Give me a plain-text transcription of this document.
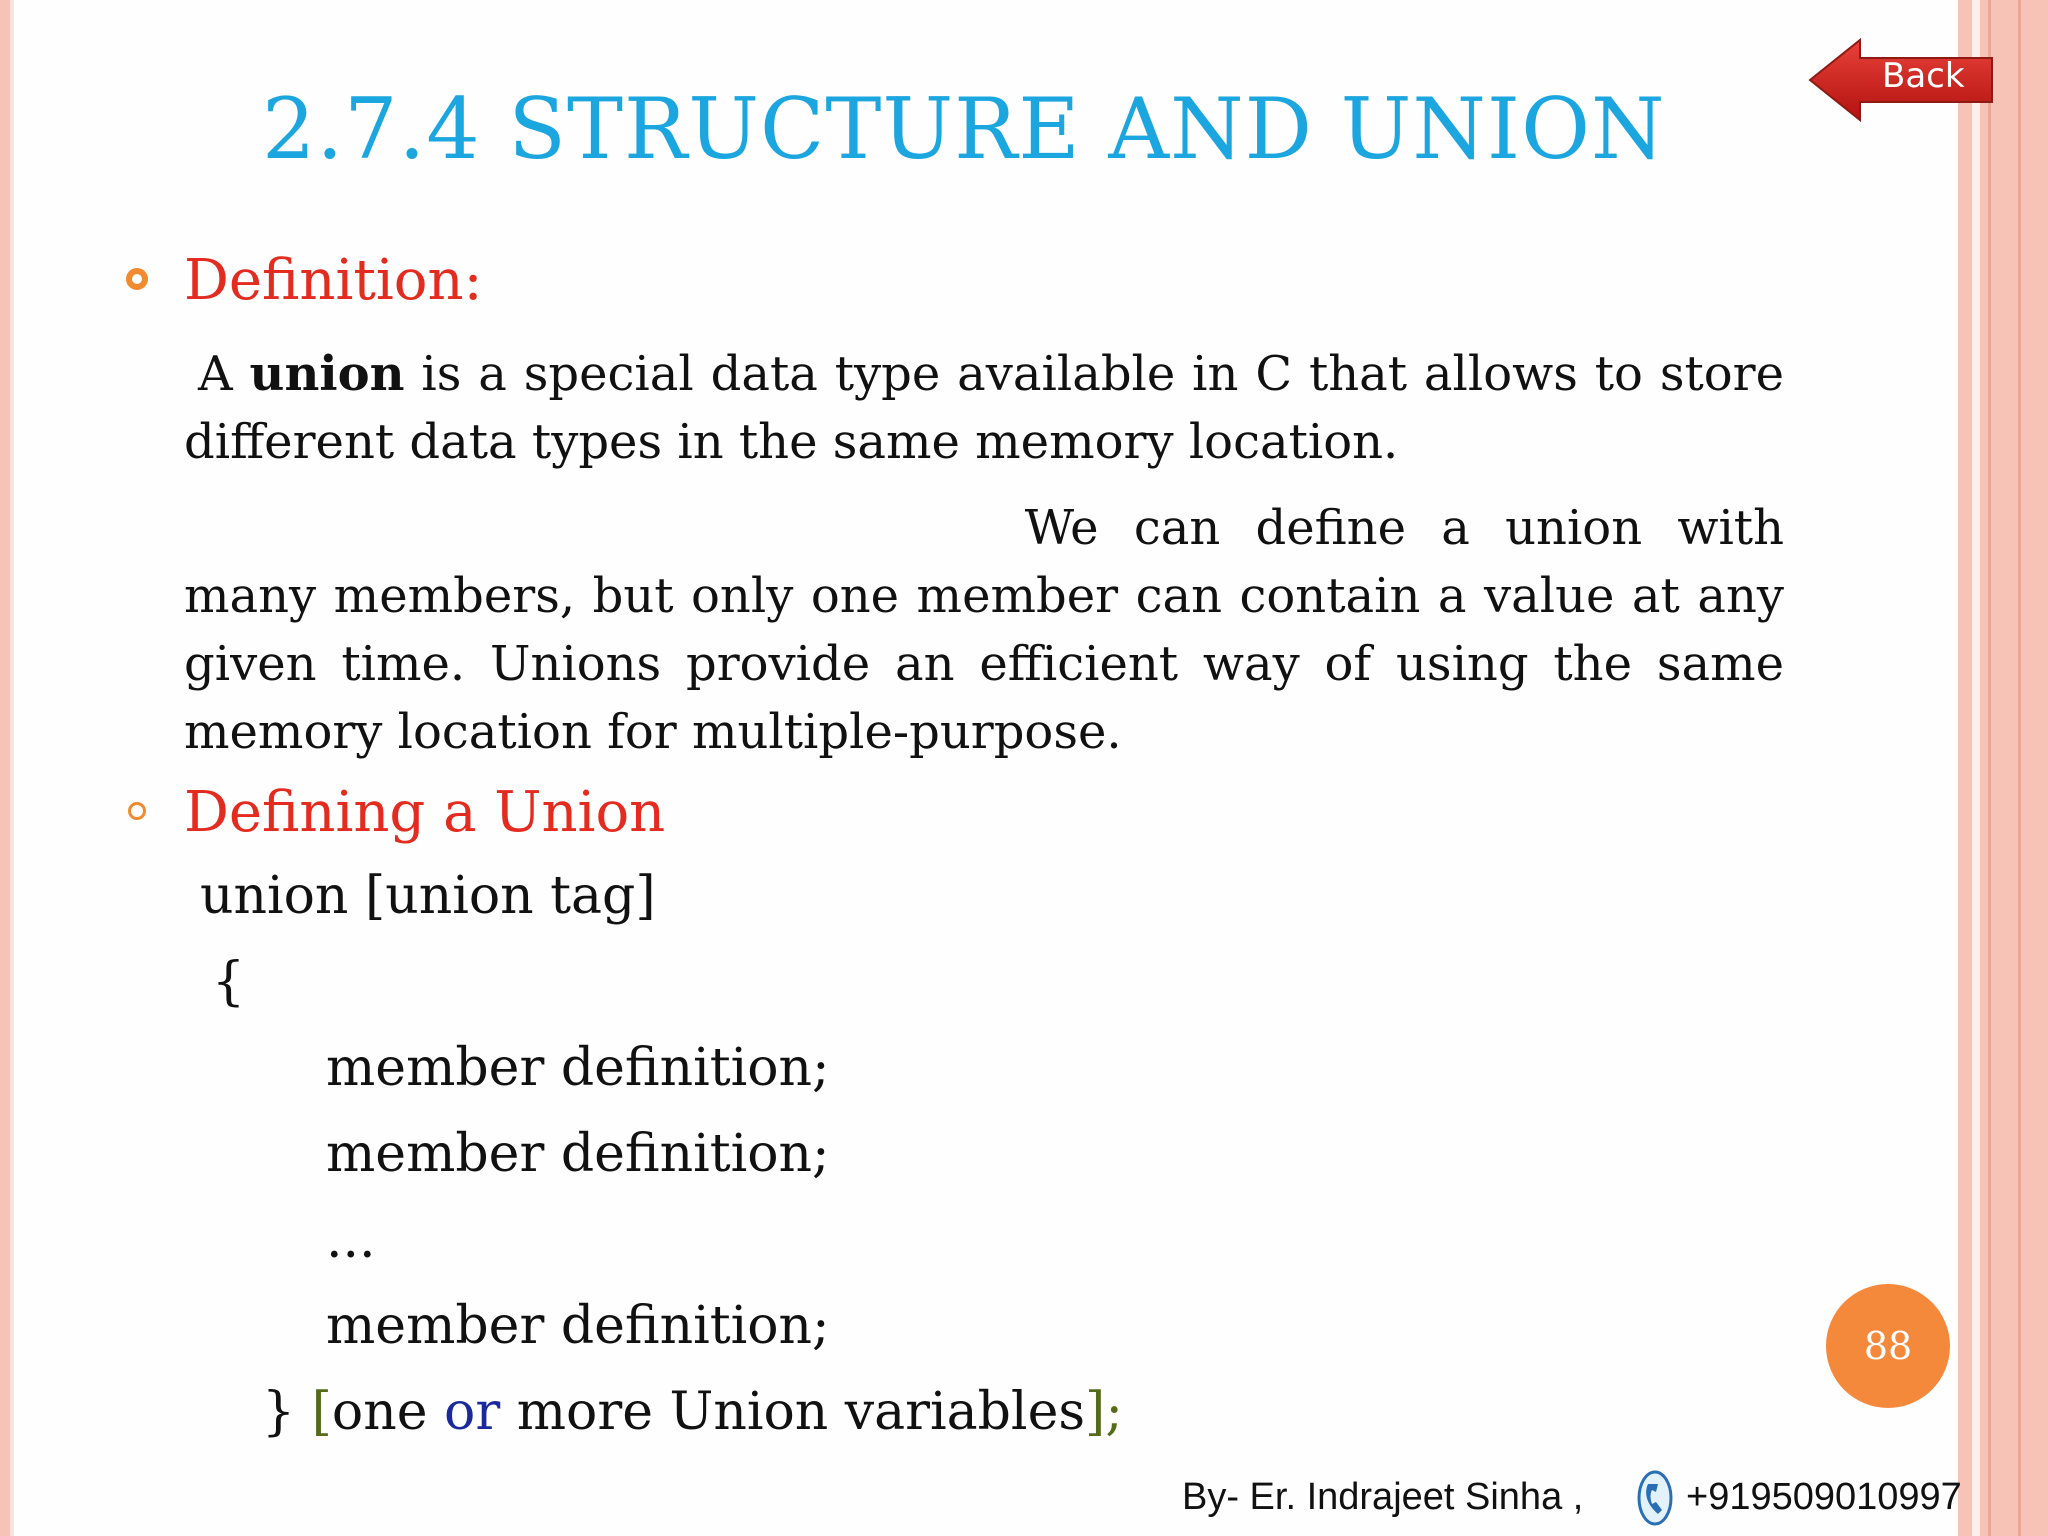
2.7.4 STRUCTURE AND UNION
Back
Definition:
A union is a special data type available in C that allows to store different data types in the same memory location.
We can define a union with
many members, but only one member can contain a value at any given time. Unions provide an efficient way of using the same memory location for multiple-purpose.
Defining a Union
union [union tag]
{
member definition;
member definition;
...
member definition;
} [one or more Union variables];
88
By- Er. Indrajeet Sinha ,	+919509010997
